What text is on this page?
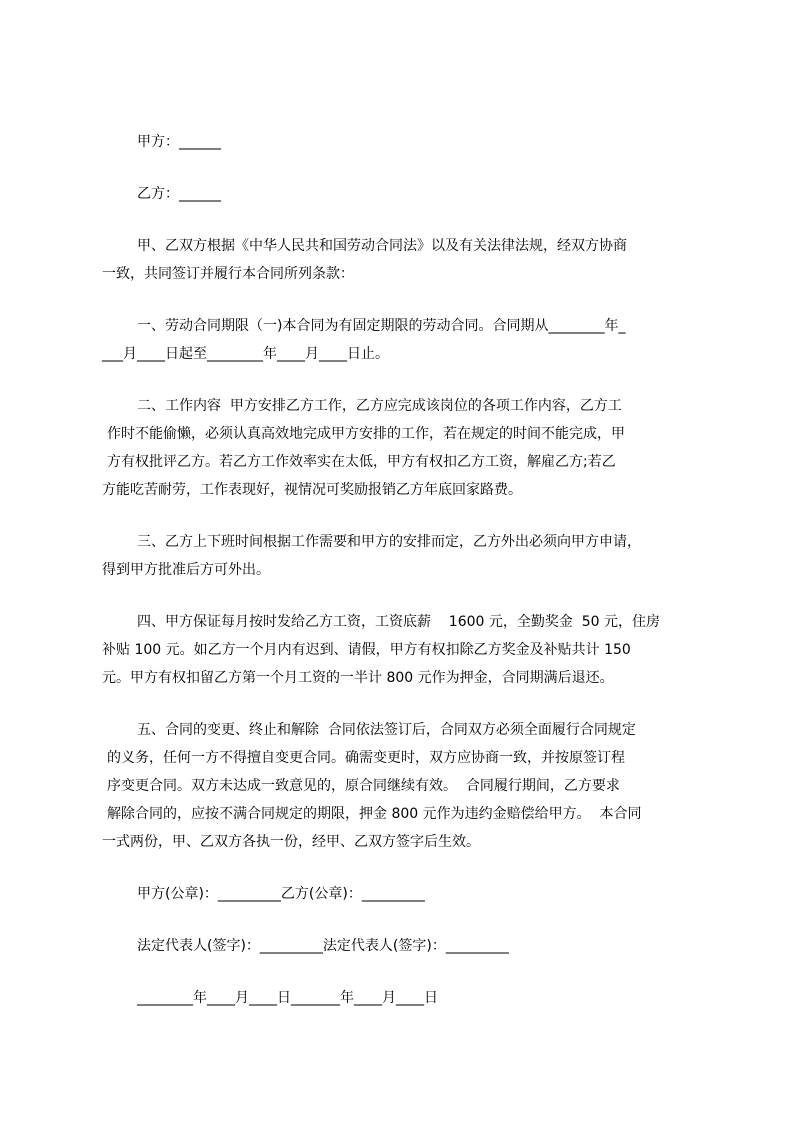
甲方：______
乙方：______
甲、乙双方根据《中华人民共和国劳动合同法》以及有关法律法规，经双方协商
一致，共同签订并履行本合同所列条款：
一、劳动合同期限（一)本合同为有固定期限的劳动合同。合同期从________年_
___月____日起至________年____月____日止。
二、工作内容  甲方安排乙方工作，乙方应完成该岗位的各项工作内容，乙方工
作时不能偷懒，必须认真高效地完成甲方安排的工作，若在规定的时间不能完成，甲
方有权批评乙方。若乙方工作效率实在太低，甲方有权扣乙方工资，解雇乙方;若乙
方能吃苦耐劳，工作表现好，视情况可奖励报销乙方年底回家路费。
三、乙方上下班时间根据工作需要和甲方的安排而定，乙方外出必须向甲方申请，
得到甲方批准后方可外出。
四、甲方保证每月按时发给乙方工资，工资底薪    1600 元，全勤奖金  50 元，住房
补贴 100 元。如乙方一个月内有迟到、请假，甲方有权扣除乙方奖金及补贴共计 150
元。甲方有权扣留乙方第一个月工资的一半计 800 元作为押金，合同期满后退还。
五、合同的变更、终止和解除  合同依法签订后，合同双方必须全面履行合同规定
的义务，任何一方不得擅自变更合同。确需变更时，双方应协商一致，并按原签订程
序变更合同。双方未达成一致意见的，原合同继续有效。  合同履行期间，乙方要求
解除合同的，应按不满合同规定的期限，押金 800 元作为违约金赔偿给甲方。  本合同
一式两份，甲、乙双方各执一份，经甲、乙双方签字后生效。
甲方(公章)：_________乙方(公章)：_________
法定代表人(签字)：_________法定代表人(签字)：_________
________年____月____日_______年____月____日
